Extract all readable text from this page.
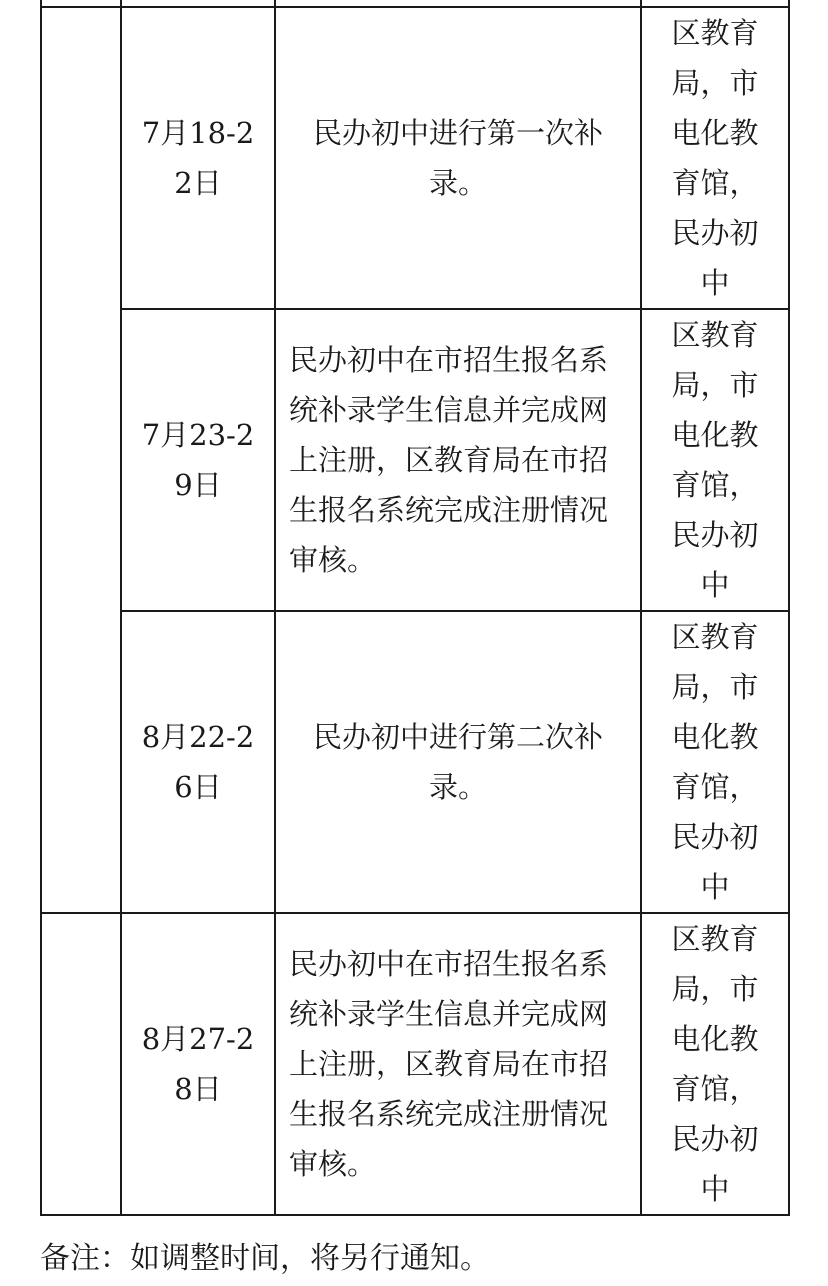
	7月18-22日	民办初中进行第一次补录。	区教育局，市电化教育馆，民办初中
	7月23-29日	民办初中在市招生报名系统补录学生信息并完成网上注册，区教育局在市招生报名系统完成注册情况审核。	区教育局，市电化教育馆，民办初中
	8月22-26日	民办初中进行第二次补录。	区教育局，市电化教育馆，民办初中
	8月27-28日	民办初中在市招生报名系统补录学生信息并完成网上注册，区教育局在市招生报名系统完成注册情况审核。	区教育局，市电化教育馆，民办初中
备注：如调整时间，将另行通知。
